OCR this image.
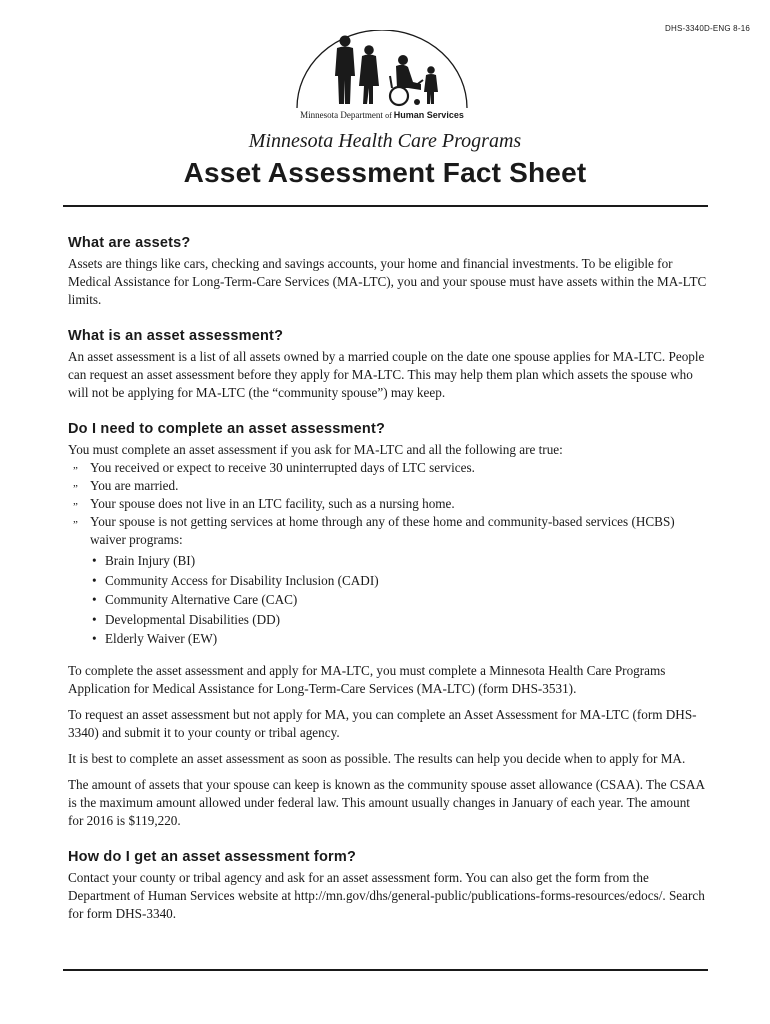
DHS-3340D-ENG 8-16
Minnesota Department of Human Services
Minnesota Health Care Programs
Asset Assessment Fact Sheet
What are assets?

Assets are things like cars, checking and savings accounts, your home and financial investments. To be eligible for Medical Assistance for Long-Term-Care Services (MA-LTC), you and your spouse must have assets within the MA-LTC limits.

What is an asset assessment?

An asset assessment is a list of all assets owned by a married couple on the date one spouse applies for MA-LTC. People can request an asset assessment before they apply for MA-LTC. This may help them plan which assets the spouse who will not be applying for MA-LTC (the “community spouse”) may keep.

Do I need to complete an asset assessment?

You must complete an asset assessment if you ask for MA-LTC and all the following are true:

„ You received or expect to receive 30 uninterrupted days of LTC services.
„ You are married.
„ Your spouse does not live in an LTC facility, such as a nursing home.
„ Your spouse is not getting services at home through any of these home and community-based services (HCBS) waiver programs:
• Brain Injury (BI)
• Community Access for Disability Inclusion (CADI)
• Community Alternative Care (CAC)
• Developmental Disabilities (DD)
• Elderly Waiver (EW)

To complete the asset assessment and apply for MA-LTC, you must complete a Minnesota Health Care Programs Application for Medical Assistance for Long-Term-Care Services (MA-LTC) (form DHS-3531).

To request an asset assessment but not apply for MA, you can complete an Asset Assessment for MA-LTC (form DHS-3340) and submit it to your county or tribal agency.

It is best to complete an asset assessment as soon as possible. The results can help you decide when to apply for MA.

The amount of assets that your spouse can keep is known as the community spouse asset allowance (CSAA). The CSAA is the maximum amount allowed under federal law. This amount usually changes in January of each year. The amount for 2016 is $119,220.

How do I get an asset assessment form?

Contact your county or tribal agency and ask for an asset assessment form. You can also get the form from the Department of Human Services website at http://mn.gov/dhs/general-public/publications-forms-resources/edocs/. Search for form DHS-3340.
